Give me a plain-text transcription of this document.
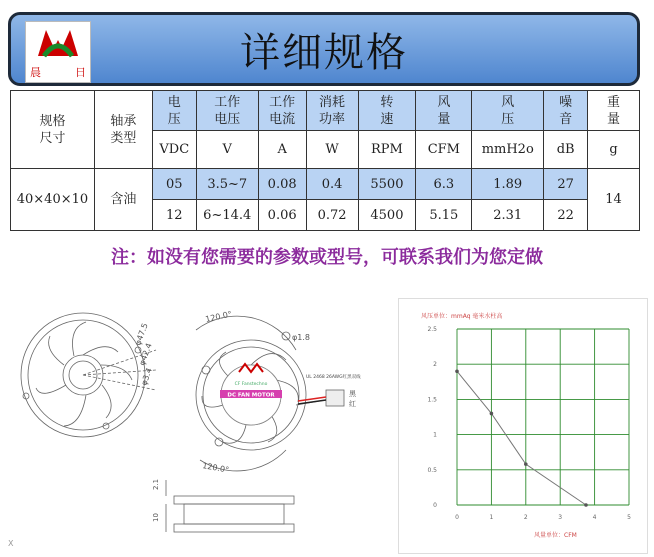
晨	日	详细规格
规格尺寸	轴承类型	电压	工作电压	工作电流	消耗功率	转速	风量	风压	噪音	重量
		VDC	V	A	W	RPM	CFM	mmH2o	dB	g
40×40×10	含油	05	3.5~7	0.08	0.4	5500	6.3	1.89	27	14
		12	6~14.4	0.06	0.72	4500	5.15	2.31	22	
注：如没有您需要的参数或型号，可联系我们为您定做
φ47.5
φ42.4
φ3.4
X
DC FAN MOTOR
CF Fanstechno
120.0°
120.0°
φ1.8
UL 2468 26AWG红黑双线
黑
红
2.1
10
风压单位：mmAq 毫米水柱高
0	1	2	3	4	5
0
0.5
1
1.5
2
2.5
风量单位：CFM
